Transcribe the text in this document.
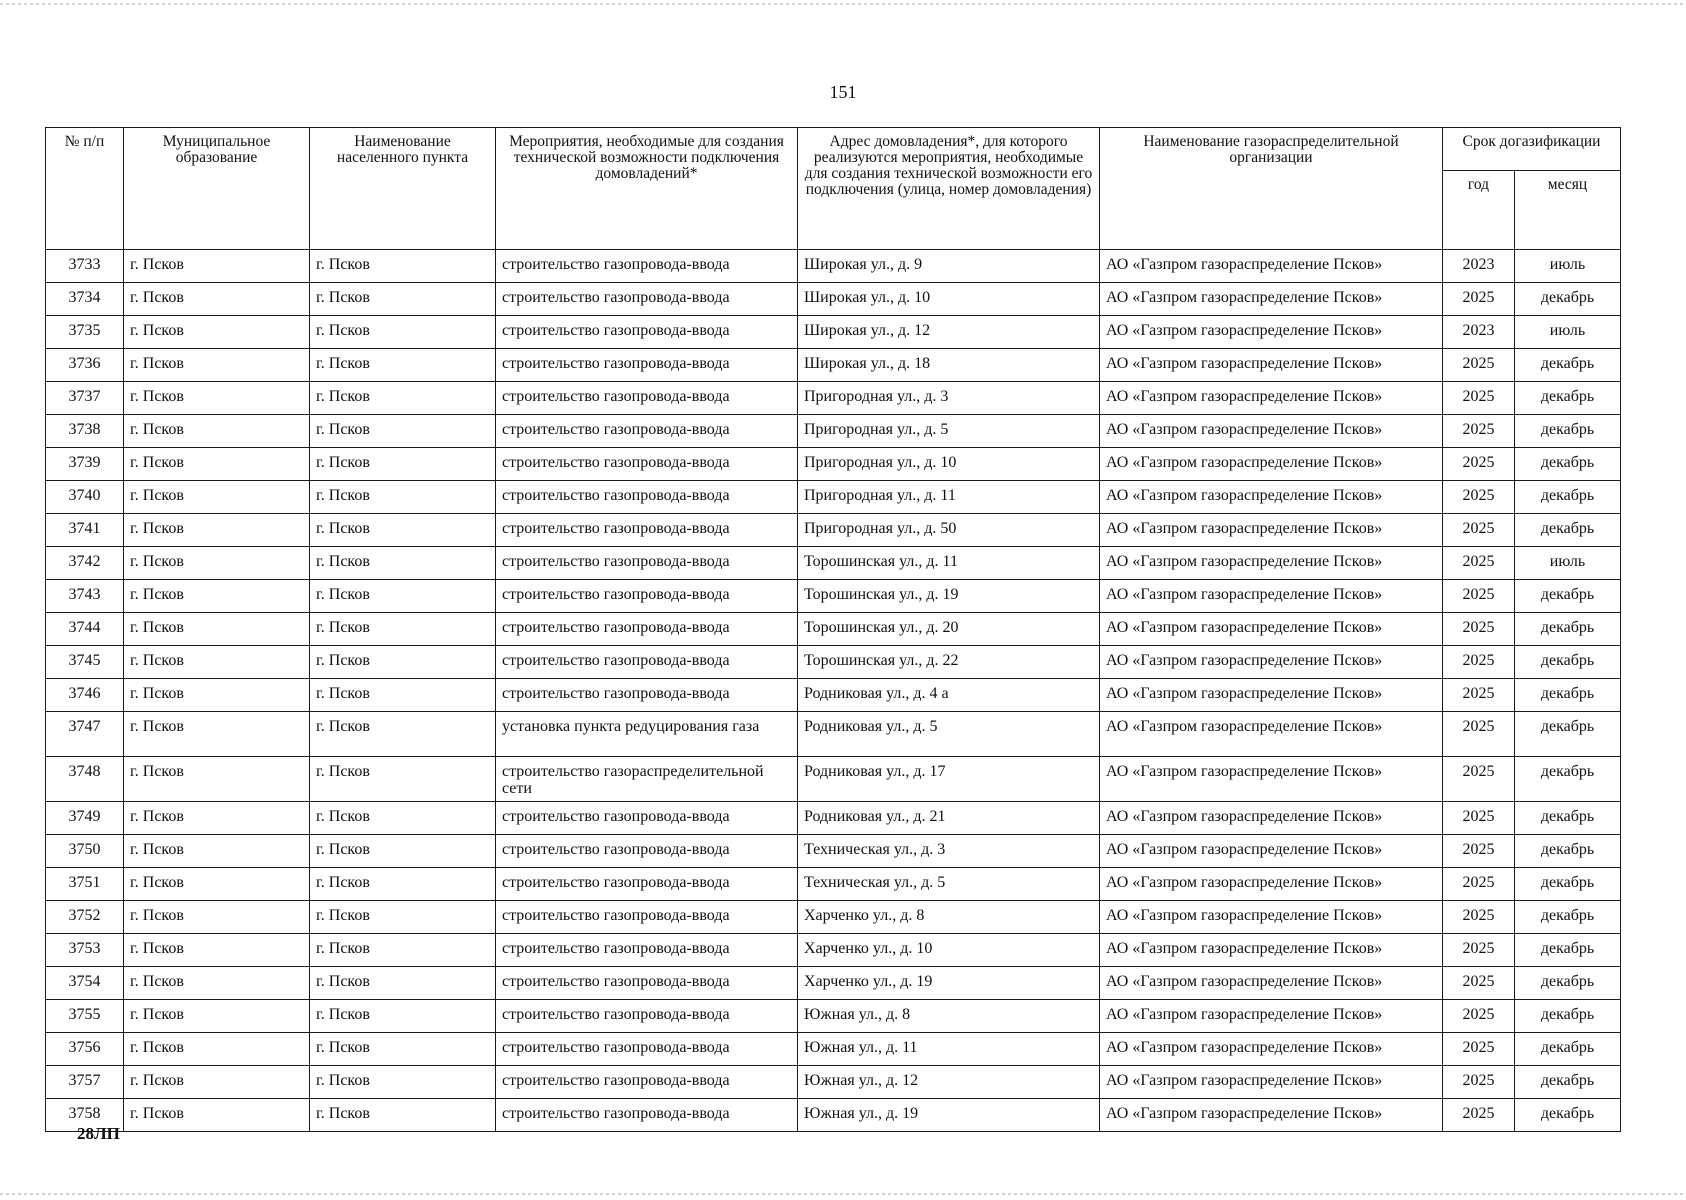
151
№ п/п	Муниципальное образование	Наименование населенного пункта	Мероприятия, необходимые для создания технической возможности подключения домовладений*	Адрес домовладения*, для которого реализуются мероприятия, необходимые для создания технической возможности его подключения (улица, номер домовладения)	Наименование газораспределительной организации	Срок догазификации	
						год	месяц
3733	г. Псков	г. Псков	строительство газопровода-ввода	Широкая ул., д. 9	АО «Газпром газораспределение Псков»	2023	июль
3734	г. Псков	г. Псков	строительство газопровода-ввода	Широкая ул., д. 10	АО «Газпром газораспределение Псков»	2025	декабрь
3735	г. Псков	г. Псков	строительство газопровода-ввода	Широкая ул., д. 12	АО «Газпром газораспределение Псков»	2023	июль
3736	г. Псков	г. Псков	строительство газопровода-ввода	Широкая ул., д. 18	АО «Газпром газораспределение Псков»	2025	декабрь
3737	г. Псков	г. Псков	строительство газопровода-ввода	Пригородная ул., д. 3	АО «Газпром газораспределение Псков»	2025	декабрь
3738	г. Псков	г. Псков	строительство газопровода-ввода	Пригородная ул., д. 5	АО «Газпром газораспределение Псков»	2025	декабрь
3739	г. Псков	г. Псков	строительство газопровода-ввода	Пригородная ул., д. 10	АО «Газпром газораспределение Псков»	2025	декабрь
3740	г. Псков	г. Псков	строительство газопровода-ввода	Пригородная ул., д. 11	АО «Газпром газораспределение Псков»	2025	декабрь
3741	г. Псков	г. Псков	строительство газопровода-ввода	Пригородная ул., д. 50	АО «Газпром газораспределение Псков»	2025	декабрь
3742	г. Псков	г. Псков	строительство газопровода-ввода	Торошинская ул., д. 11	АО «Газпром газораспределение Псков»	2025	июль
3743	г. Псков	г. Псков	строительство газопровода-ввода	Торошинская ул., д. 19	АО «Газпром газораспределение Псков»	2025	декабрь
3744	г. Псков	г. Псков	строительство газопровода-ввода	Торошинская ул., д. 20	АО «Газпром газораспределение Псков»	2025	декабрь
3745	г. Псков	г. Псков	строительство газопровода-ввода	Торошинская ул., д. 22	АО «Газпром газораспределение Псков»	2025	декабрь
3746	г. Псков	г. Псков	строительство газопровода-ввода	Родниковая ул., д. 4 а	АО «Газпром газораспределение Псков»	2025	декабрь
3747	г. Псков	г. Псков	установка пункта редуцирования газа	Родниковая ул., д. 5	АО «Газпром газораспределение Псков»	2025	декабрь
3748	г. Псков	г. Псков	строительство газораспределительной сети	Родниковая ул., д. 17	АО «Газпром газораспределение Псков»	2025	декабрь
3749	г. Псков	г. Псков	строительство газопровода-ввода	Родниковая ул., д. 21	АО «Газпром газораспределение Псков»	2025	декабрь
3750	г. Псков	г. Псков	строительство газопровода-ввода	Техническая ул., д. 3	АО «Газпром газораспределение Псков»	2025	декабрь
3751	г. Псков	г. Псков	строительство газопровода-ввода	Техническая ул., д. 5	АО «Газпром газораспределение Псков»	2025	декабрь
3752	г. Псков	г. Псков	строительство газопровода-ввода	Харченко ул., д. 8	АО «Газпром газораспределение Псков»	2025	декабрь
3753	г. Псков	г. Псков	строительство газопровода-ввода	Харченко ул., д. 10	АО «Газпром газораспределение Псков»	2025	декабрь
3754	г. Псков	г. Псков	строительство газопровода-ввода	Харченко ул., д. 19	АО «Газпром газораспределение Псков»	2025	декабрь
3755	г. Псков	г. Псков	строительство газопровода-ввода	Южная ул., д. 8	АО «Газпром газораспределение Псков»	2025	декабрь
3756	г. Псков	г. Псков	строительство газопровода-ввода	Южная ул., д. 11	АО «Газпром газораспределение Псков»	2025	декабрь
3757	г. Псков	г. Псков	строительство газопровода-ввода	Южная ул., д. 12	АО «Газпром газораспределение Псков»	2025	декабрь
3758	г. Псков	г. Псков	строительство газопровода-ввода	Южная ул., д. 19	АО «Газпром газораспределение Псков»	2025	декабрь
28ЛП
